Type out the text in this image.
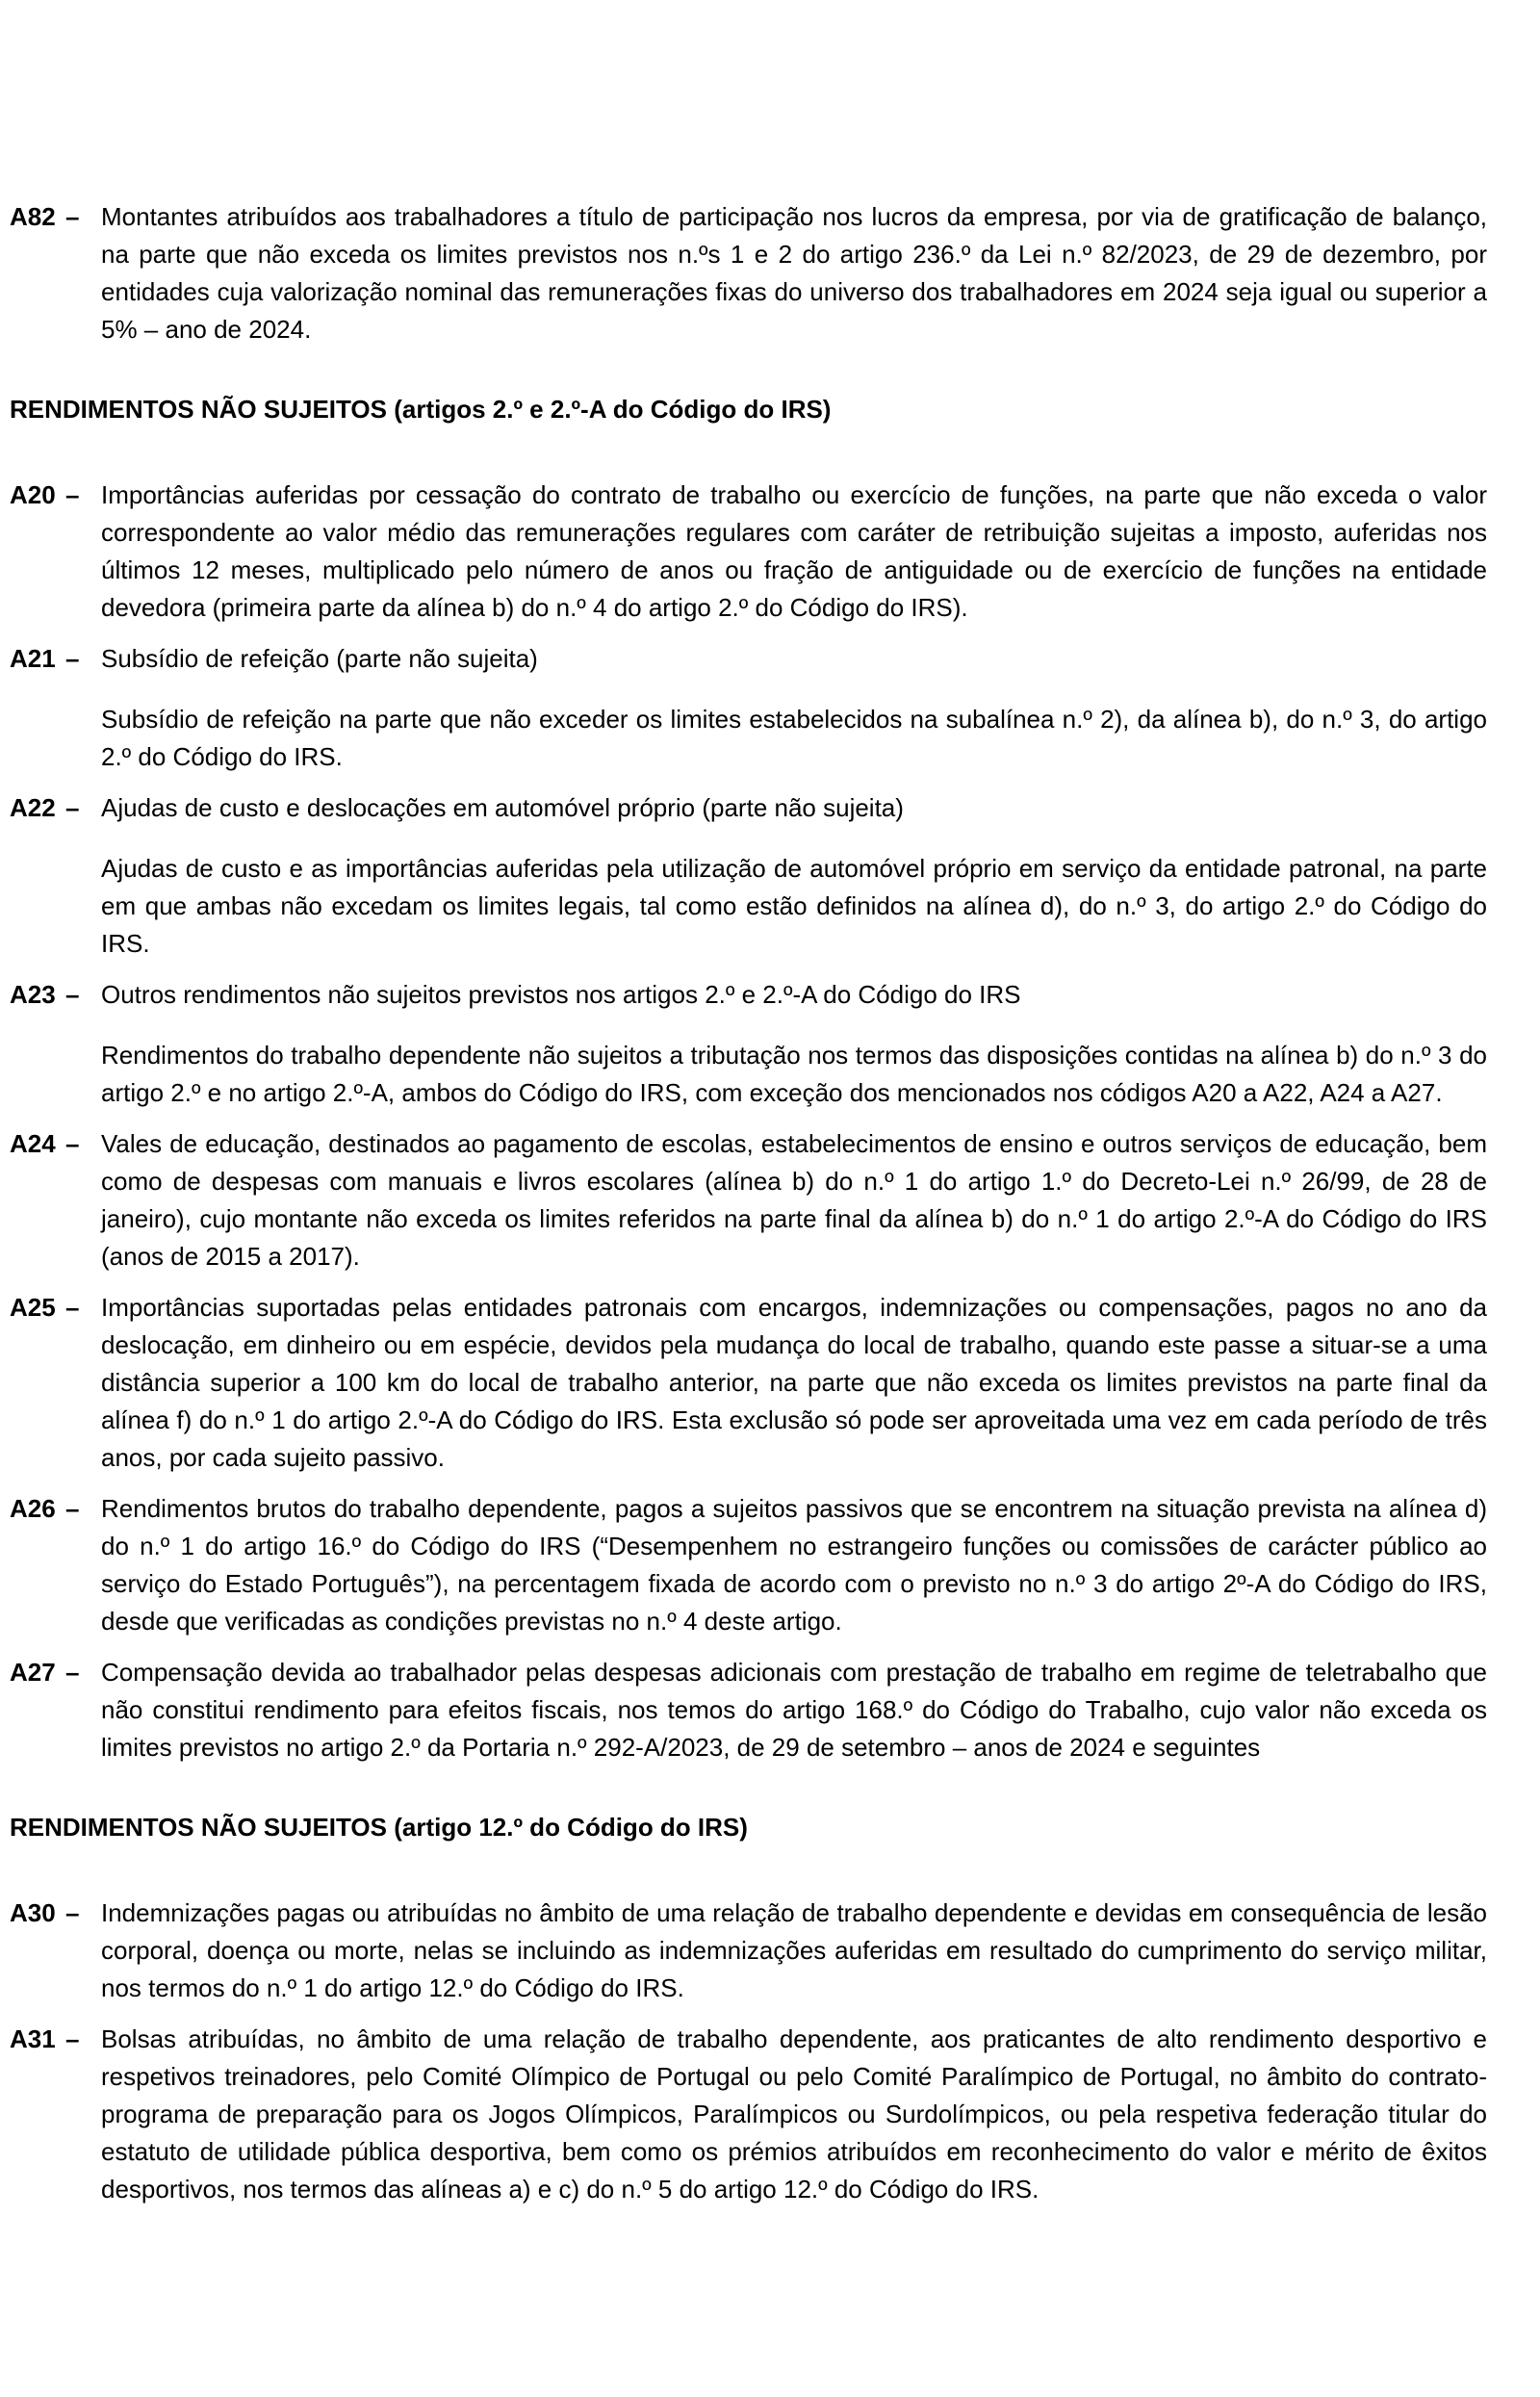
A82 – Montantes atribuídos aos trabalhadores a título de participação nos lucros da empresa, por via de gratificação de balanço, na parte que não exceda os limites previstos nos n.ºs 1 e 2 do artigo 236.º da Lei n.º 82/2023, de 29 de dezembro, por entidades cuja valorização nominal das remunerações fixas do universo dos trabalhadores em 2024 seja igual ou superior a 5% – ano de 2024.
RENDIMENTOS NÃO SUJEITOS (artigos 2.º e 2.º-A do Código do IRS)
A20 – Importâncias auferidas por cessação do contrato de trabalho ou exercício de funções, na parte que não exceda o valor correspondente ao valor médio das remunerações regulares com caráter de retribuição sujeitas a imposto, auferidas nos últimos 12 meses, multiplicado pelo número de anos ou fração de antiguidade ou de exercício de funções na entidade devedora (primeira parte da alínea b) do n.º 4 do artigo 2.º do Código do IRS).
A21 – Subsídio de refeição (parte não sujeita)
Subsídio de refeição na parte que não exceder os limites estabelecidos na subalínea n.º 2), da alínea b), do n.º 3, do artigo 2.º do Código do IRS.
A22 – Ajudas de custo e deslocações em automóvel próprio (parte não sujeita)
Ajudas de custo e as importâncias auferidas pela utilização de automóvel próprio em serviço da entidade patronal, na parte em que ambas não excedam os limites legais, tal como estão definidos na alínea d), do n.º 3, do artigo 2.º do Código do IRS.
A23 – Outros rendimentos não sujeitos previstos nos artigos 2.º e 2.º-A do Código do IRS
Rendimentos do trabalho dependente não sujeitos a tributação nos termos das disposições contidas na alínea b) do n.º 3 do artigo 2.º e no artigo 2.º-A, ambos do Código do IRS, com exceção dos mencionados nos códigos A20 a A22, A24 a A27.
A24 – Vales de educação, destinados ao pagamento de escolas, estabelecimentos de ensino e outros serviços de educação, bem como de despesas com manuais e livros escolares (alínea b) do n.º 1 do artigo 1.º do Decreto-Lei n.º 26/99, de 28 de janeiro), cujo montante não exceda os limites referidos na parte final da alínea b) do n.º 1 do artigo 2.º-A do Código do IRS (anos de 2015 a 2017).
A25 – Importâncias suportadas pelas entidades patronais com encargos, indemnizações ou compensações, pagos no ano da deslocação, em dinheiro ou em espécie, devidos pela mudança do local de trabalho, quando este passe a situar-se a uma distância superior a 100 km do local de trabalho anterior, na parte que não exceda os limites previstos na parte final da alínea f) do n.º 1 do artigo 2.º-A do Código do IRS. Esta exclusão só pode ser aproveitada uma vez em cada período de três anos, por cada sujeito passivo.
A26 – Rendimentos brutos do trabalho dependente, pagos a sujeitos passivos que se encontrem na situação prevista na alínea d) do n.º 1 do artigo 16.º do Código do IRS (“Desempenhem no estrangeiro funções ou comissões de carácter público ao serviço do Estado Português”), na percentagem fixada de acordo com o previsto no n.º 3 do artigo 2º-A do Código do IRS, desde que verificadas as condições previstas no n.º 4 deste artigo.
A27 – Compensação devida ao trabalhador pelas despesas adicionais com prestação de trabalho em regime de teletrabalho que não constitui rendimento para efeitos fiscais, nos temos do artigo 168.º do Código do Trabalho, cujo valor não exceda os limites previstos no artigo 2.º da Portaria n.º 292-A/2023, de 29 de setembro – anos de 2024 e seguintes
RENDIMENTOS NÃO SUJEITOS (artigo 12.º do Código do IRS)
A30 – Indemnizações pagas ou atribuídas no âmbito de uma relação de trabalho dependente e devidas em consequência de lesão corporal, doença ou morte, nelas se incluindo as indemnizações auferidas em resultado do cumprimento do serviço militar, nos termos do n.º 1 do artigo 12.º do Código do IRS.
A31 – Bolsas atribuídas, no âmbito de uma relação de trabalho dependente, aos praticantes de alto rendimento desportivo e respetivos treinadores, pelo Comité Olímpico de Portugal ou pelo Comité Paralímpico de Portugal, no âmbito do contrato-programa de preparação para os Jogos Olímpicos, Paralímpicos ou Surdolímpicos, ou pela respetiva federação titular do estatuto de utilidade pública desportiva, bem como os prémios atribuídos em reconhecimento do valor e mérito de êxitos desportivos, nos termos das alíneas a) e c) do n.º 5 do artigo 12.º do Código do IRS.
